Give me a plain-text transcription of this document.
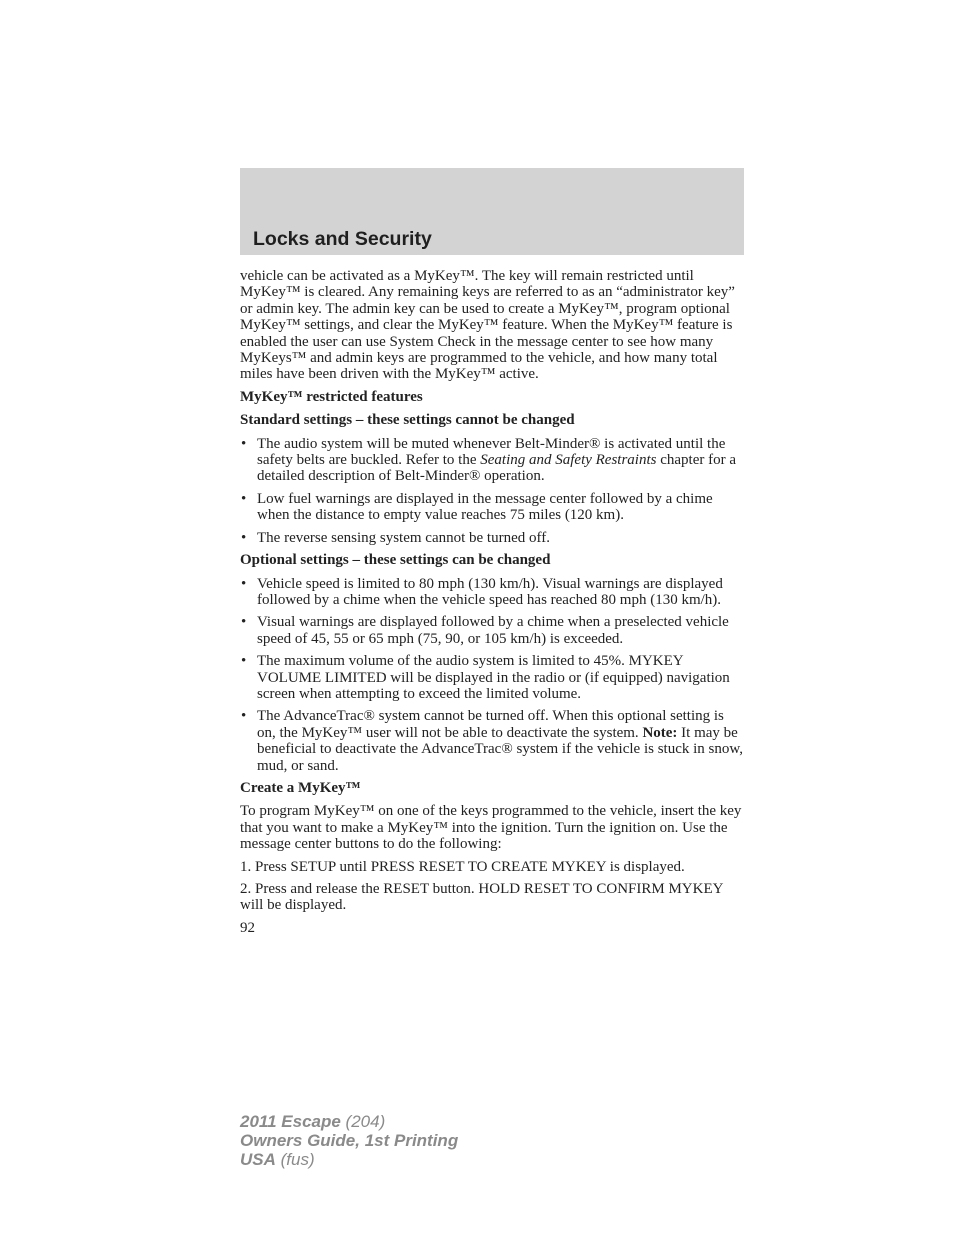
Locks and Security

vehicle can be activated as a MyKey™. The key will remain restricted until MyKey™ is cleared. Any remaining keys are referred to as an “administrator key” or admin key. The admin key can be used to create a MyKey™, program optional MyKey™ settings, and clear the MyKey™ feature. When the MyKey™ feature is enabled the user can use System Check in the message center to see how many MyKeys™ and admin keys are programmed to the vehicle, and how many total miles have been driven with the MyKey™ active.

MyKey™ restricted features

Standard settings – these settings cannot be changed

• The audio system will be muted whenever Belt-Minder® is activated until the safety belts are buckled. Refer to the Seating and Safety Restraints chapter for a detailed description of Belt-Minder® operation.
• Low fuel warnings are displayed in the message center followed by a chime when the distance to empty value reaches 75 miles (120 km).
• The reverse sensing system cannot be turned off.

Optional settings – these settings can be changed

• Vehicle speed is limited to 80 mph (130 km/h). Visual warnings are displayed followed by a chime when the vehicle speed has reached 80 mph (130 km/h).
• Visual warnings are displayed followed by a chime when a preselected vehicle speed of 45, 55 or 65 mph (75, 90, or 105 km/h) is exceeded.
• The maximum volume of the audio system is limited to 45%. MYKEY VOLUME LIMITED will be displayed in the radio or (if equipped) navigation screen when attempting to exceed the limited volume.
• The AdvanceTrac® system cannot be turned off. When this optional setting is on, the MyKey™ user will not be able to deactivate the system. Note: It may be beneficial to deactivate the AdvanceTrac® system if the vehicle is stuck in snow, mud, or sand.

Create a MyKey™

To program MyKey™ on one of the keys programmed to the vehicle, insert the key that you want to make a MyKey™ into the ignition. Turn the ignition on. Use the message center buttons to do the following:

1. Press SETUP until PRESS RESET TO CREATE MYKEY is displayed.

2. Press and release the RESET button. HOLD RESET TO CONFIRM MYKEY will be displayed.

92

2011 Escape (204)
Owners Guide, 1st Printing
USA (fus)
